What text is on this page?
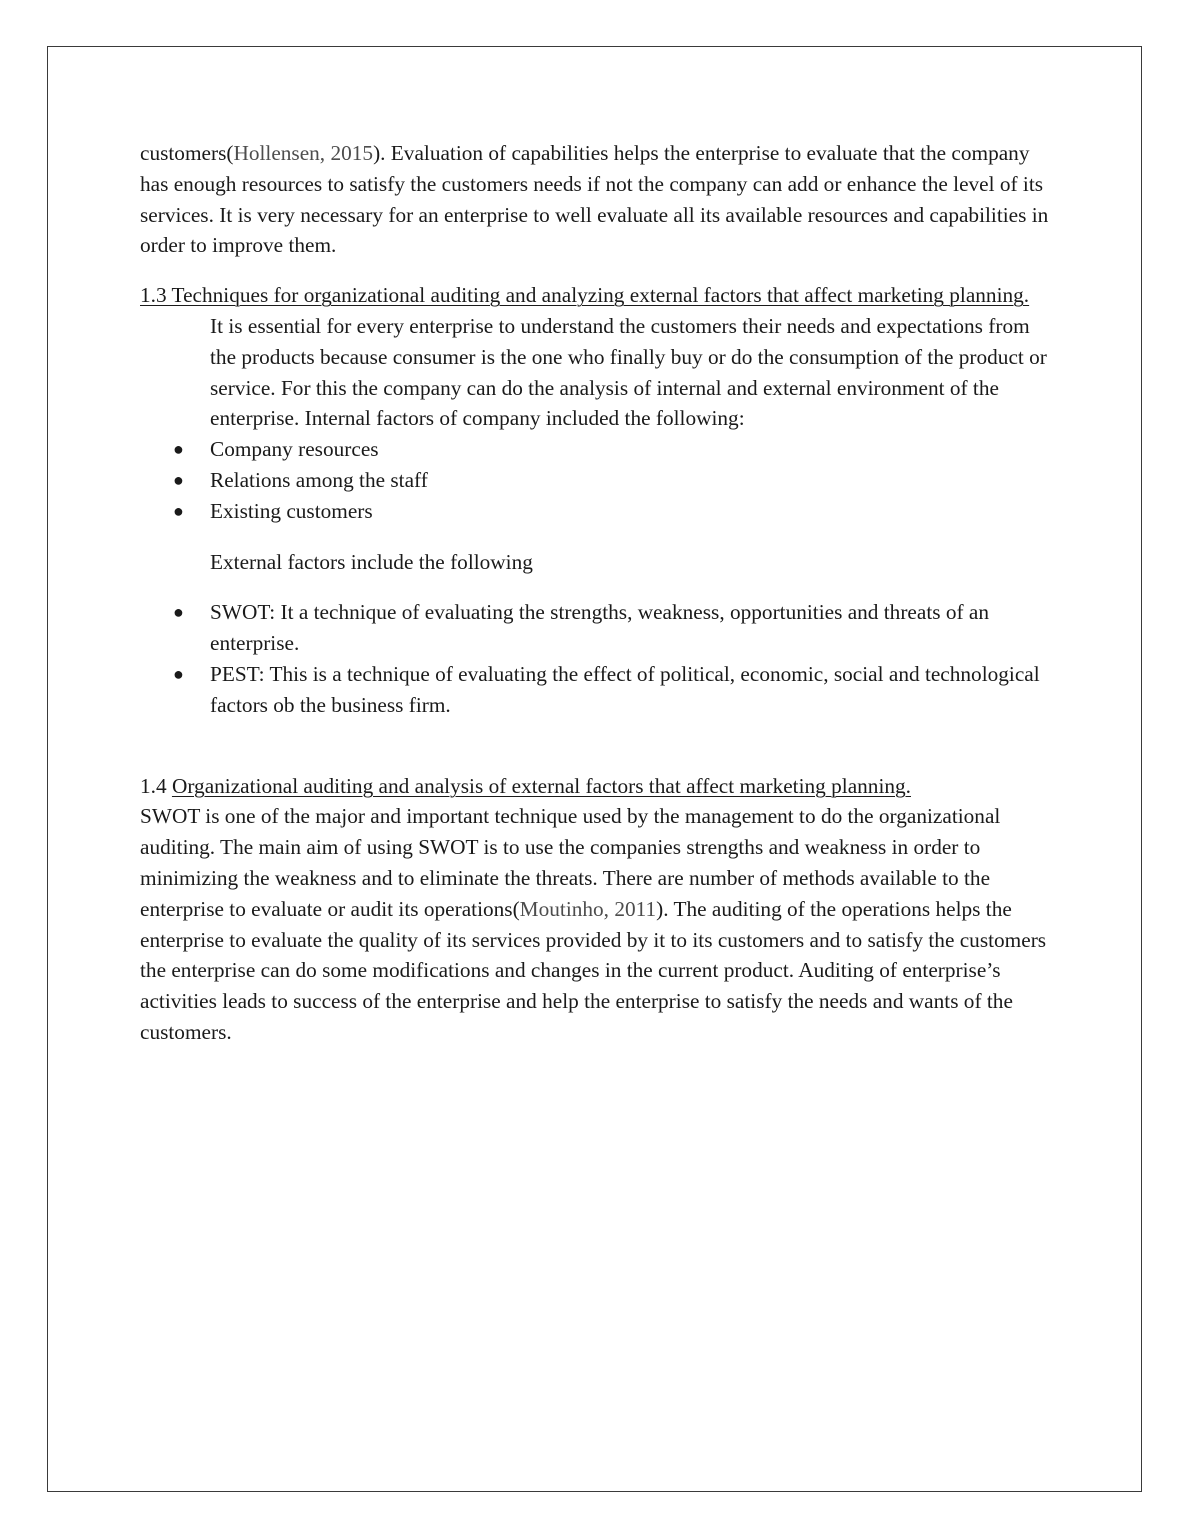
customers(Hollensen, 2015). Evaluation of capabilities helps the enterprise to evaluate that the company has enough resources to satisfy the customers needs if not the company can add or enhance the level of its services. It is very necessary for an enterprise to well evaluate all its available resources and capabilities in order to improve them.

1.3 Techniques for organizational auditing and analyzing external factors that affect marketing planning.

It is essential for every enterprise to understand the customers their needs and expectations from the products because consumer is the one who finally buy or do the consumption of the product or service. For this the company can do the analysis of internal and external environment of the enterprise. Internal factors of company included the following:

● Company resources
● Relations among the staff
● Existing customers

External factors include the following

● SWOT: It a technique of evaluating the strengths, weakness, opportunities and threats of an enterprise.
● PEST: This is a technique of evaluating the effect of political, economic, social and technological factors ob the business firm.

1.4 Organizational auditing and analysis of external factors that affect marketing planning.

SWOT is one of the major and important technique used by the management to do the organizational auditing. The main aim of using SWOT is to use the companies strengths and weakness in order to minimizing the weakness and to eliminate the threats. There are number of methods available to the enterprise to evaluate or audit its operations(Moutinho, 2011). The auditing of the operations helps the enterprise to evaluate the quality of its services provided by it to its customers and to satisfy the customers the enterprise can do some modifications and changes in the current product. Auditing of enterprise’s activities leads to success of the enterprise and help the enterprise to satisfy the needs and wants of the customers.
